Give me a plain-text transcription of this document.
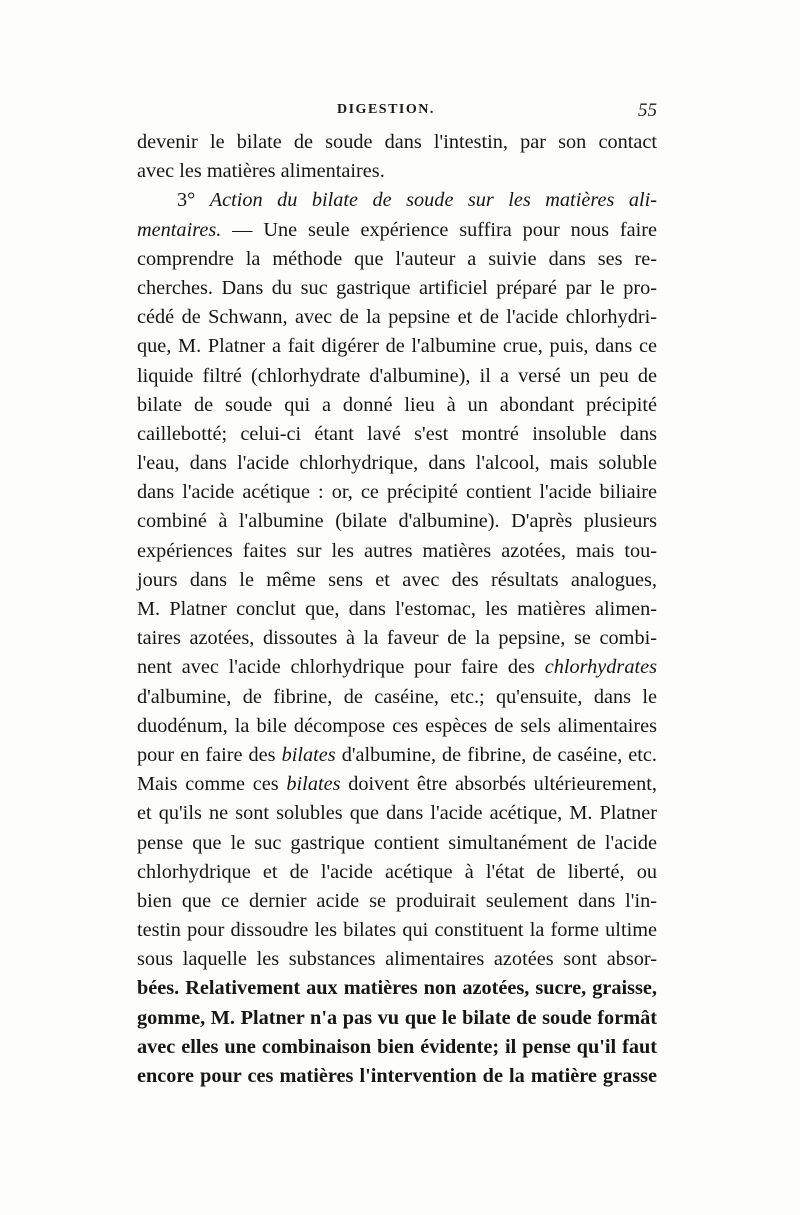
DIGESTION.	55
devenir le bilate de soude dans l'intestin, par son contact
avec les matières alimentaires.
3° Action du bilate de soude sur les matières ali-
mentaires. — Une seule expérience suffira pour nous faire
comprendre la méthode que l'auteur a suivie dans ses re-
cherches. Dans du suc gastrique artificiel préparé par le pro-
cédé de Schwann, avec de la pepsine et de l'acide chlorhydri-
que, M. Platner a fait digérer de l'albumine crue, puis, dans ce
liquide filtré (chlorhydrate d'albumine), il a versé un peu de
bilate de soude qui a donné lieu à un abondant précipité
caillebotté; celui-ci étant lavé s'est montré insoluble dans
l'eau, dans l'acide chlorhydrique, dans l'alcool, mais soluble
dans l'acide acétique : or, ce précipité contient l'acide biliaire
combiné à l'albumine (bilate d'albumine). D'après plusieurs
expériences faites sur les autres matières azotées, mais tou-
jours dans le même sens et avec des résultats analogues,
M. Platner conclut que, dans l'estomac, les matières alimen-
taires azotées, dissoutes à la faveur de la pepsine, se combi-
nent avec l'acide chlorhydrique pour faire des chlorhydrates
d'albumine, de fibrine, de caséine, etc.; qu'ensuite, dans le
duodénum, la bile décompose ces espèces de sels alimentaires
pour en faire des bilates d'albumine, de fibrine, de caséine, etc.
Mais comme ces bilates doivent être absorbés ultérieurement,
et qu'ils ne sont solubles que dans l'acide acétique, M. Platner
pense que le suc gastrique contient simultanément de l'acide
chlorhydrique et de l'acide acétique à l'état de liberté, ou
bien que ce dernier acide se produirait seulement dans l'in-
testin pour dissoudre les bilates qui constituent la forme ultime
sous laquelle les substances alimentaires azotées sont absor-
bées. Relativement aux matières non azotées, sucre, graisse,
gomme, M. Platner n'a pas vu que le bilate de soude formât
avec elles une combinaison bien évidente; il pense qu'il faut
encore pour ces matières l'intervention de la matière grasse
